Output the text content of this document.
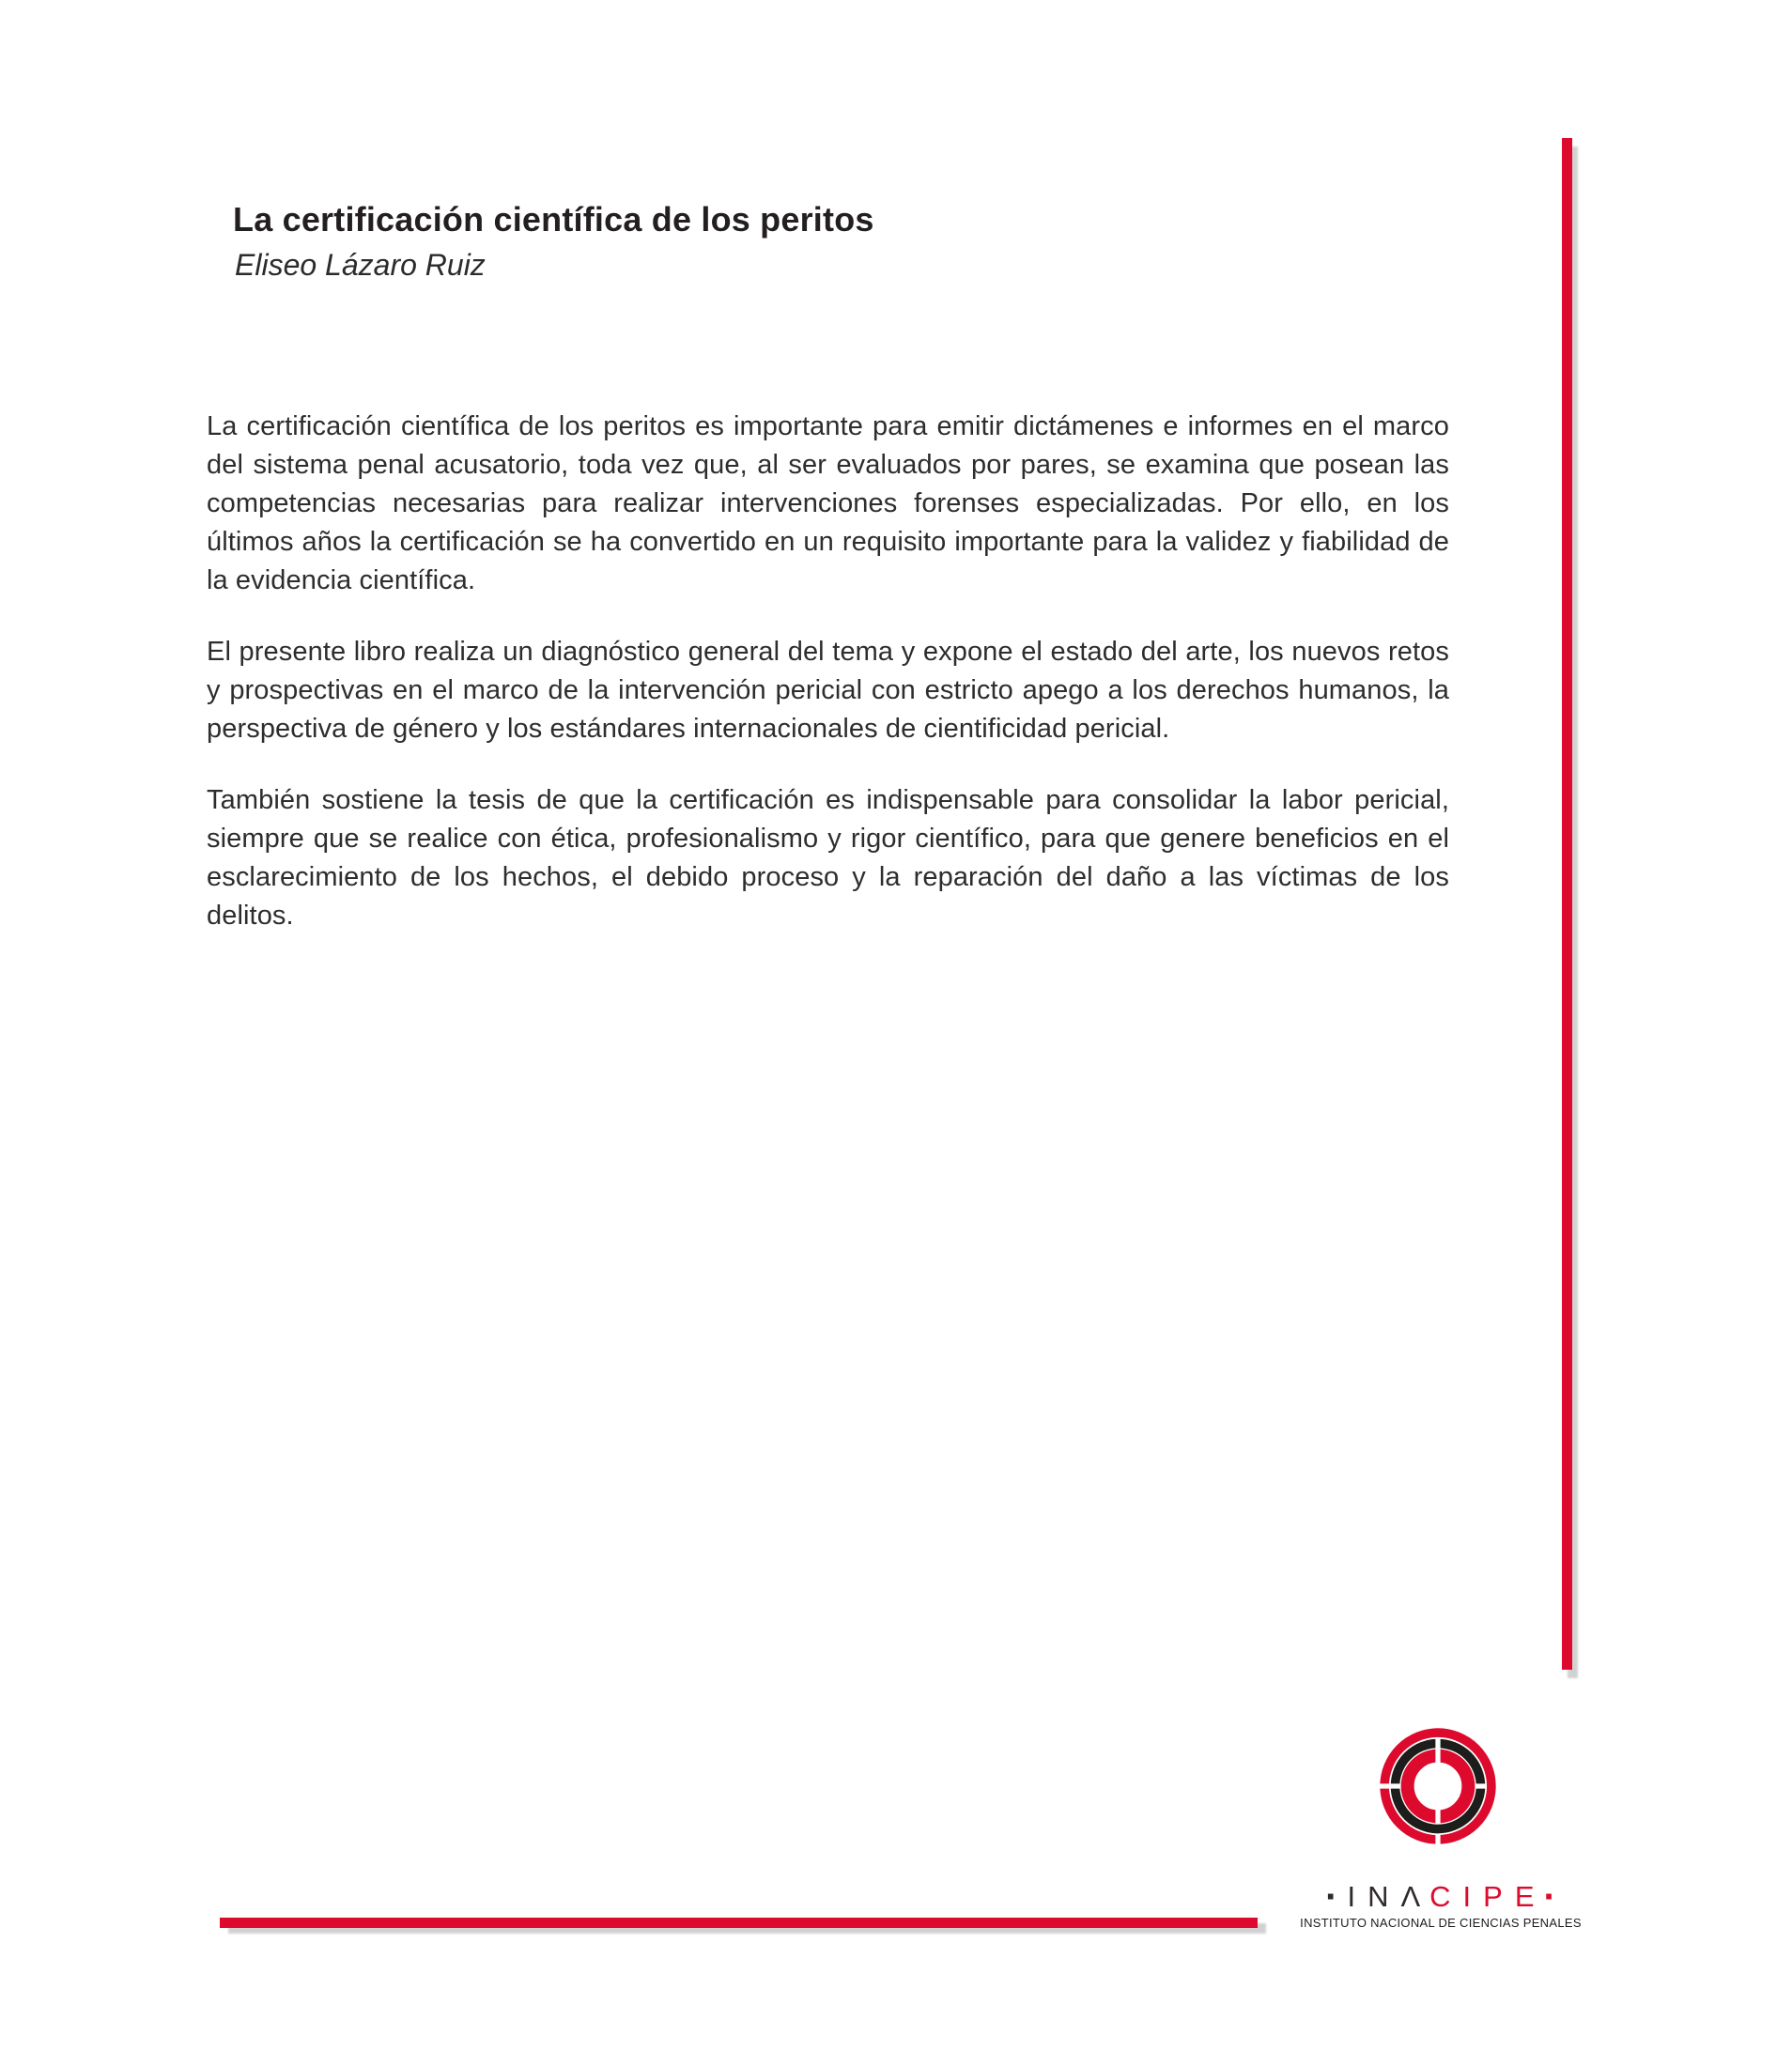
La certificación científica de los peritos
Eliseo Lázaro Ruiz

La certificación científica de los peritos es importante para emitir dictámenes e informes en el marco del sistema penal acusatorio, toda vez que, al ser evaluados por pares, se examina que posean las competencias necesarias para realizar intervenciones forenses especializadas. Por ello, en los últimos años la certificación se ha convertido en un requisito importante para la validez y fiabilidad de la evidencia científica.

El presente libro realiza un diagnóstico general del tema y expone el estado del arte, los nuevos retos y prospectivas en el marco de la intervención pericial con estricto apego a los derechos humanos, la perspectiva de género y los estándares internacionales de cientificidad pericial.

También sostiene la tesis de que la certificación es indispensable para consolidar la labor pericial, siempre que se realice con ética, profesionalismo y rigor científico, para que genere beneficios en el esclarecimiento de los hechos, el debido proceso y la reparación del daño a las víctimas de los delitos.

· INΛ
CIPE
·
INSTITUTO NACIONAL DE CIENCIAS PENALES
